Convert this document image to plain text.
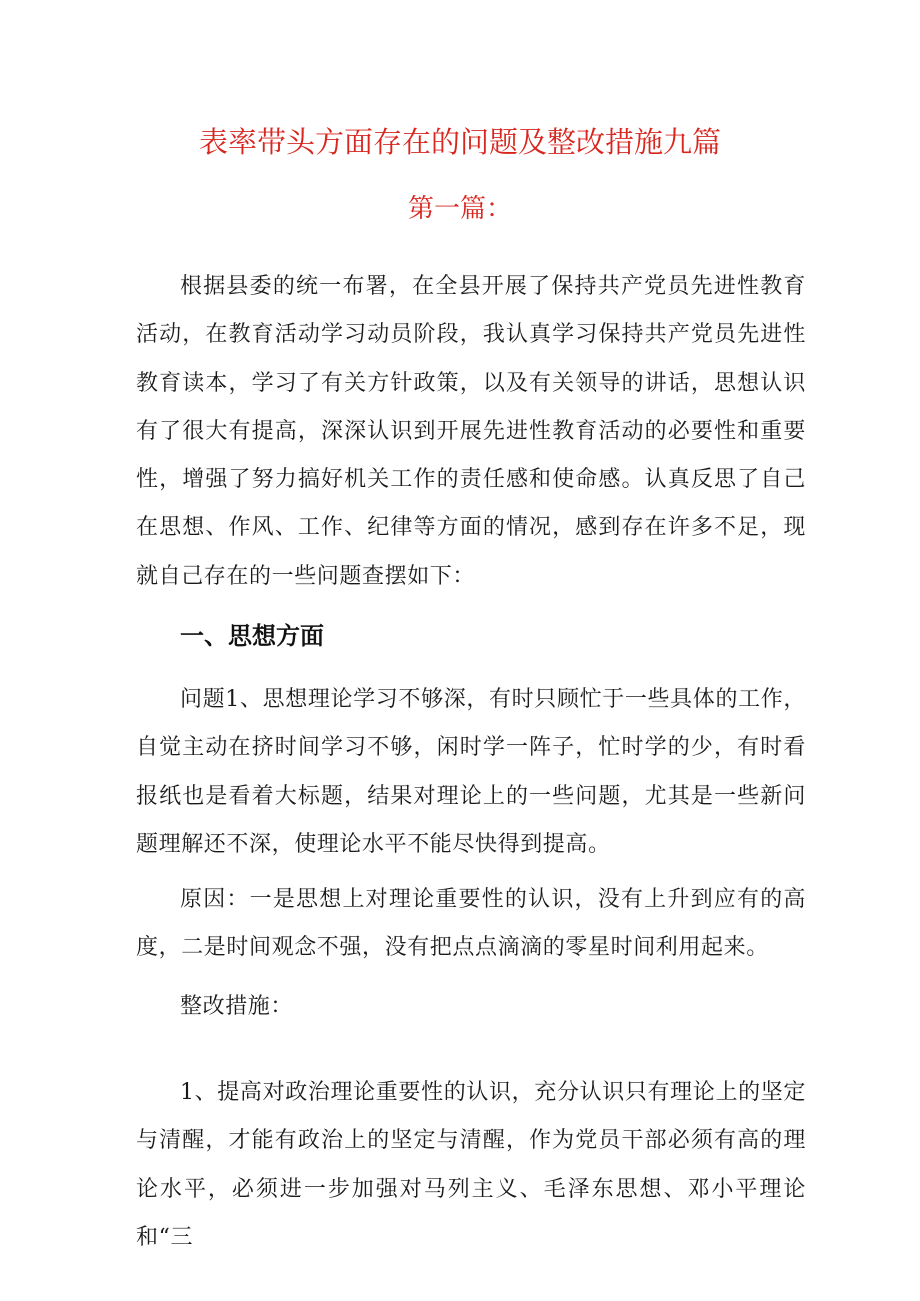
表率带头方面存在的问题及整改措施九篇
第一篇：

根据县委的统一布署，在全县开展了保持共产党员先进性教育活动，在教育活动学习动员阶段，我认真学习保持共产党员先进性教育读本，学习了有关方针政策，以及有关领导的讲话，思想认识有了很大有提高，深深认识到开展先进性教育活动的必要性和重要性，增强了努力搞好机关工作的责任感和使命感。认真反思了自己在思想、作风、工作、纪律等方面的情况，感到存在许多不足，现就自己存在的一些问题查摆如下：

一、思想方面

问题1、思想理论学习不够深，有时只顾忙于一些具体的工作，自觉主动在挤时间学习不够，闲时学一阵子，忙时学的少，有时看报纸也是看着大标题，结果对理论上的一些问题，尤其是一些新问题理解还不深，使理论水平不能尽快得到提高。

原因：一是思想上对理论重要性的认识，没有上升到应有的高度，二是时间观念不强，没有把点点滴滴的零星时间利用起来。

整改措施：

1、提高对政治理论重要性的认识，充分认识只有理论上的坚定与清醒，才能有政治上的坚定与清醒，作为党员干部必须有高的理论水平，必须进一步加强对马列主义、毛泽东思想、邓小平理论和“三
